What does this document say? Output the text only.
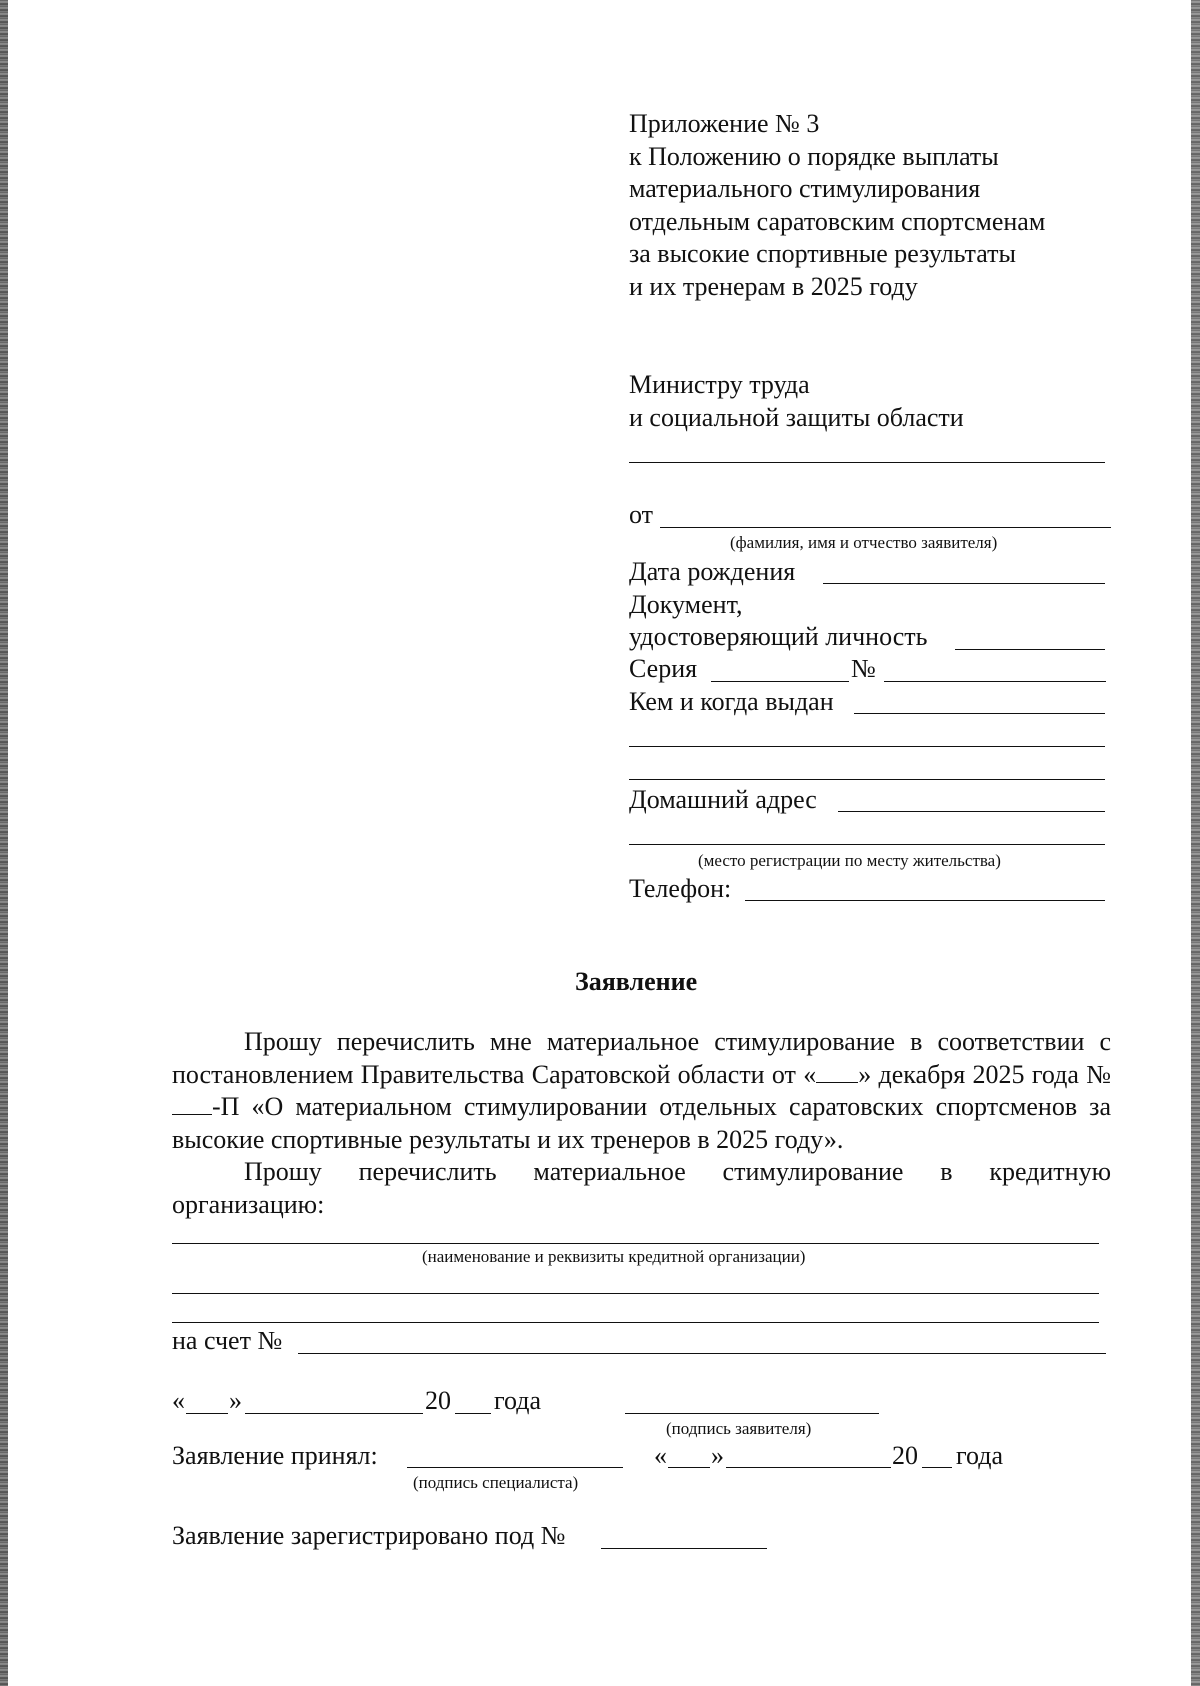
Приложение № 3
к Положению о порядке выплаты
материального стимулирования
отдельным саратовским спортсменам
за высокие спортивные результаты
и их тренерам в 2025 году
Министру труда
и социальной защиты области
от
(фамилия, имя и отчество заявителя)
Дата рождения
Документ,
удостоверяющий личность
Серия	№
Кем и когда выдан
Домашний адрес
(место регистрации по месту жительства)
Телефон:
Заявление
Прошу перечислить мне материальное стимулирование в соответствии с постановлением Правительства Саратовской области от « » декабря 2025 года №-П «О материальном стимулировании отдельных саратовских спортсменов за высокие спортивные результаты и их тренеров в 2025 году».
Прошу перечислить материальное стимулирование в кредитную организацию:
(наименование и реквизиты кредитной организации)
на счет №
« »	20 года
(подпись заявителя)
Заявление принял:
(подпись специалиста)
« »	20 года
Заявление зарегистрировано под №
